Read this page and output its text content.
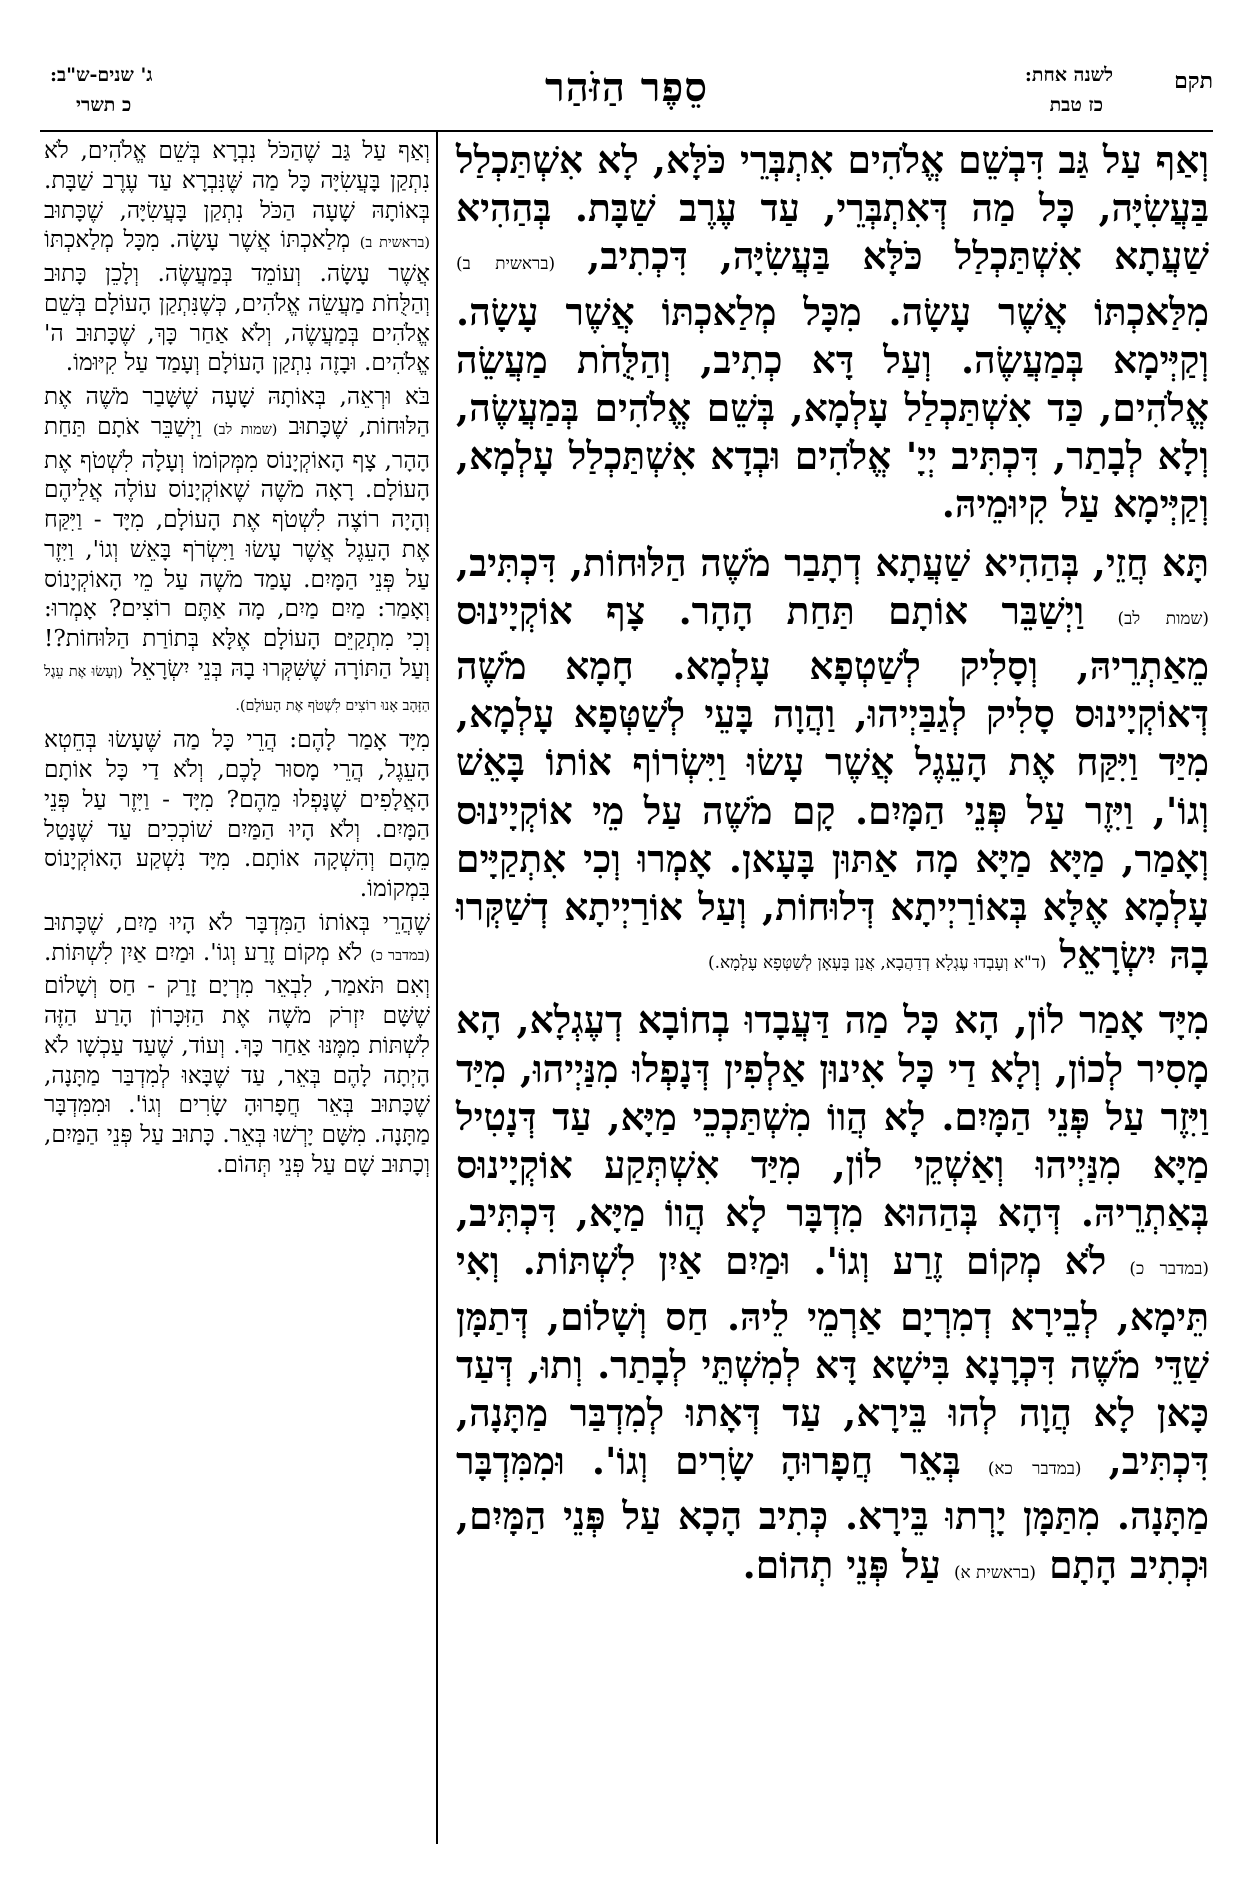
תקם
לשנה אחת:
כז טבת
סֵפֶר הַזֹּהַר
ג' שנים-ש"ב:
כ תשרי

וְאַף עַל גַּב דִּבְשֵׁם אֱלֹהִים אִתְבְּרֵי כֹּלָּא, לָא אִשְׁתַּכְלַל בַּעֲשִׂיָּה, כָּל מַה דְּאִתְבְּרֵי, עַד עֶרֶב שַׁבָּת. בְּהַהִיא שַׁעֲתָא אִשְׁתַּכְלַל כֹּלָּא בַּעֲשִׂיָּה, דִּכְתִיב, (בראשית ב) מִלַּאכְתּוֹ אֲשֶׁר עָשָׂה. מִכָּל מְלַאכְתּוֹ אֲשֶׁר עָשָׂה. וְקַיְּימָא בְּמַעֲשֶׂה. וְעַל דָּא כְתִיב, וְהַלֻּחֹת מַעֲשֵׂה אֱלֹהִים, כַּד אִשְׁתַּכְלַל עָלְמָא, בְּשֵׁם אֱלֹהִים בְּמַעֲשֶׂה, וְלָא לְבָתַר, דִּכְתִּיב יְיָ' אֱלֹהִים וּבְדָא אִשְׁתַּכְלַל עָלְמָא, וְקַיְּימָא עַל קִיוּמֵיהּ.

תָּא חֲזֵי, בְּהַהִיא שַׁעֲתָא דְתָבַר מֹשֶׁה הַלּוּחוֹת, דִּכְתִּיב, (שמות לב) וַיְשַׁבֵּר אוֹתָם תַּחַת הָהָר. צָף אוֹקְיָינוּס מֵאַתְרֵיהּ, וְסָלִיק לְשַׁטְפָא עָלְמָא. חָמָא מֹשֶׁה דְּאוֹקְיָינוּס סָלִיק לְגַבַּיְיהוּ, וַהֲוָה בָּעֵי לְשַׁטְּפָא עָלְמָא, מִיַּד וַיִּקַּח אֶת הָעֵגֶל אֲשֶׁר עָשׂוּ וַיִּשְׂרוֹף אוֹתוֹ בָּאֵשׁ וְגוֹ', וַיִּזֶר עַל פְּנֵי הַמָּיִם. קָם מֹשֶׁה עַל מֵי אוֹקְיָינוּס וְאָמַר, מַיָּא מַיָּא מָה אַתּוּן בָּעָאן. אָמְרוּ וְכִי אִתְקַיָּים עָלְמָא אֶלָּא בְּאוֹרַיְיתָא דְּלוּחוֹת, וְעַל אוֹרַיְיתָא דְשַׁקְּרוּ בָהּ יִשְׂרָאֵל (ד"א וְעָבְדוּ עֶגְלָא דְדַהֲבָא, אֲנַן בָּעְאָן לְשַׁטְּפָא עָלְמָא.)

מִיָּד אָמַר לוֹן, הָא כָּל מַה דַּעֲבָדוּ בְחוֹבָא דְעֶגְלָא, הָא מָסִיר לְכוֹן, וְלָא דַי כָּל אִינוּן אַלְפִין דְּנָפְלוּ מִנַּיְיהוּ, מִיַּד וַיִּזֶר עַל פְּנֵי הַמָּיִם. לָא הֲווֹ מִשְׁתַּכְכֵי מַיָּא, עַד דְּנָטִיל מַיָּא מִנַּיְיהוּ וְאַשְׁקֵי לוֹן, מִיַּד אִשְׁתְּקַע אוֹקְיָינוּס בְּאַתְרֵיהּ. דְּהָא בְּהַהוּא מִדְבָּר לָא הֲווֹ מַיָּא, דִּכְתִּיב, (במדבר כ) לֹא מְקוֹם זֶרַע וְגוֹ'. וּמַיִם אַיִן לִשְׁתּוֹת. וְאִי תֵּימָא, לְבֵירָא דְמִרְיָם אַרְמֵי לֵיהּ. חַס וְשָׁלוֹם, דְּתַמָּן שַׁדֵּי מֹשֶׁה דִּכְרָנָא בִּישָׁא דָּא לְמִשְׁתֵּי לְבָתַר. וְתוּ, דְּעַד כָּאן לָא הֲוָה לְהוּ בֵּירָא, עַד דְּאָתוּ לְמִדְבַּר מַתָּנָה, דִּכְתִּיב, (במדבר כא) בְּאֵר חֲפָרוּהָ שָׂרִים וְגוֹ'. וּמִמִּדְבָּר מַתָּנָה. מִתַּמָּן יָרְתוּ בֵּירָא. כְּתִיב הָכָא עַל פְּנֵי הַמָּיִם, וּכְתִיב הָתָם (בראשית א) עַל פְּנֵי תְהוֹם.

וְאַף עַל גַּב שֶׁהַכֹּל נִבְרָא בְּשֵׁם אֱלֹהִים, לֹא נִתְקַן בָּעֲשִׂיָּה כָּל מַה שֶּׁנִּבְרָא עַד עֶרֶב שַׁבָּת. בְּאוֹתָהּ שָׁעָה הַכֹּל נִתְקַן בָּעֲשִׂיָּה, שֶׁכָּתוּב (בראשית ב) מְלַאכְתּוֹ אֲשֶׁר עָשָׂה. מִכָּל מְלַאכְתּוֹ אֲשֶׁר עָשָׂה. וְעוֹמֵד בְּמַעֲשֶׂה. וְלָכֵן כָּתוּב וְהַלֻּחֹת מַעֲשֵׂה אֱלֹהִים, כְּשֶׁנִּתְקַן הָעוֹלָם בְּשֵׁם אֱלֹהִים בְּמַעֲשֶׂה, וְלֹא אַחַר כָּךְ, שֶׁכָּתוּב ה' אֱלֹהִים. וּבָזֶה נִתְקַן הָעוֹלָם וְעָמַד עַל קִיּוּמוֹ.

בֹּא וּרְאֵה, בְּאוֹתָהּ שָׁעָה שֶׁשָּׁבַר מֹשֶׁה אֶת הַלּוּחוֹת, שֶׁכָּתוּב (שמות לב) וַיְשַׁבֵּר אֹתָם תַּחַת הָהָר, צָף הָאוֹקְיָנוֹס מִמְּקוֹמוֹ וְעָלָה לִשְׁטֹף אֶת הָעוֹלָם. רָאָה מֹשֶׁה שֶׁאוֹקְיָנוֹס עוֹלֶה אֲלֵיהֶם וְהָיָה רוֹצֶה לִשְׁטֹף אֶת הָעוֹלָם, מִיָּד - וַיִּקַּח אֶת הָעֵגֶל אֲשֶׁר עָשׂוּ וַיִּשְׂרֹף בָּאֵשׁ וְגוֹ', וַיִּזֶר עַל פְּנֵי הַמָּיִם. עָמַד מֹשֶׁה עַל מֵי הָאוֹקְיָנוֹס וְאָמַר: מַיִם מַיִם, מָה אַתֶּם רוֹצִים? אָמְרוּ: וְכִי מִתְקַיֵּם הָעוֹלָם אֶלָּא בְּתוֹרַת הַלּוּחוֹת?! וְעַל הַתּוֹרָה שֶׁשִּׁקְּרוּ בָהּ בְּנֵי יִשְׂרָאֵל (וְעָשׂוּ אֶת עֵגֶל הַזָּהָב אָנוּ רוֹצִים לִשְׁטֹף אֶת הָעוֹלָם).

מִיָּד אָמַר לָהֶם: הֲרֵי כָּל מַה שֶּׁעָשׂוּ בְּחֵטְא הָעֵגֶל, הֲרֵי מָסוּר לָכֶם, וְלֹא דַי כָּל אוֹתָם הָאֲלָפִים שֶׁנָּפְלוּ מֵהֶם? מִיָּד - וַיִּזֶר עַל פְּנֵי הַמָּיִם. וְלֹא הָיוּ הַמַּיִם שׁוֹכְכִים עַד שֶׁנָּטַל מֵהֶם וְהִשְׁקָה אוֹתָם. מִיָּד נִשְׁקַע הָאוֹקְיָנוֹס בִּמְקוֹמוֹ.

שֶׁהֲרֵי בְּאוֹתוֹ הַמִּדְבָּר לֹא הָיוּ מַיִם, שֶׁכָּתוּב (במדבר כ) לֹא מְקוֹם זֶרַע וְגוֹ'. וּמַיִם אַיִן לִשְׁתּוֹת. וְאִם תֹּאמַר, לִבְאֵר מִרְיָם זָרַק - חַס וְשָׁלוֹם שֶׁשָּׁם יִזְרֹק מֹשֶׁה אֶת הַזִּכָּרוֹן הָרַע הַזֶּה לִשְׁתּוֹת מִמֶּנּוּ אַחַר כָּךְ. וְעוֹד, שֶׁעַד עַכְשָׁו לֹא הָיְתָה לָהֶם בְּאֵר, עַד שֶׁבָּאוּ לְמִדְבַּר מַתָּנָה, שֶׁכָּתוּב בְּאֵר חֲפָרוּהָ שָׂרִים וְגוֹ'. וּמִמִּדְבָּר מַתָּנָה. מִשָּׁם יָרְשׁוּ בְּאֵר. כָּתוּב עַל פְּנֵי הַמַּיִם, וְכָתוּב שָׁם עַל פְּנֵי תְּהוֹם.
